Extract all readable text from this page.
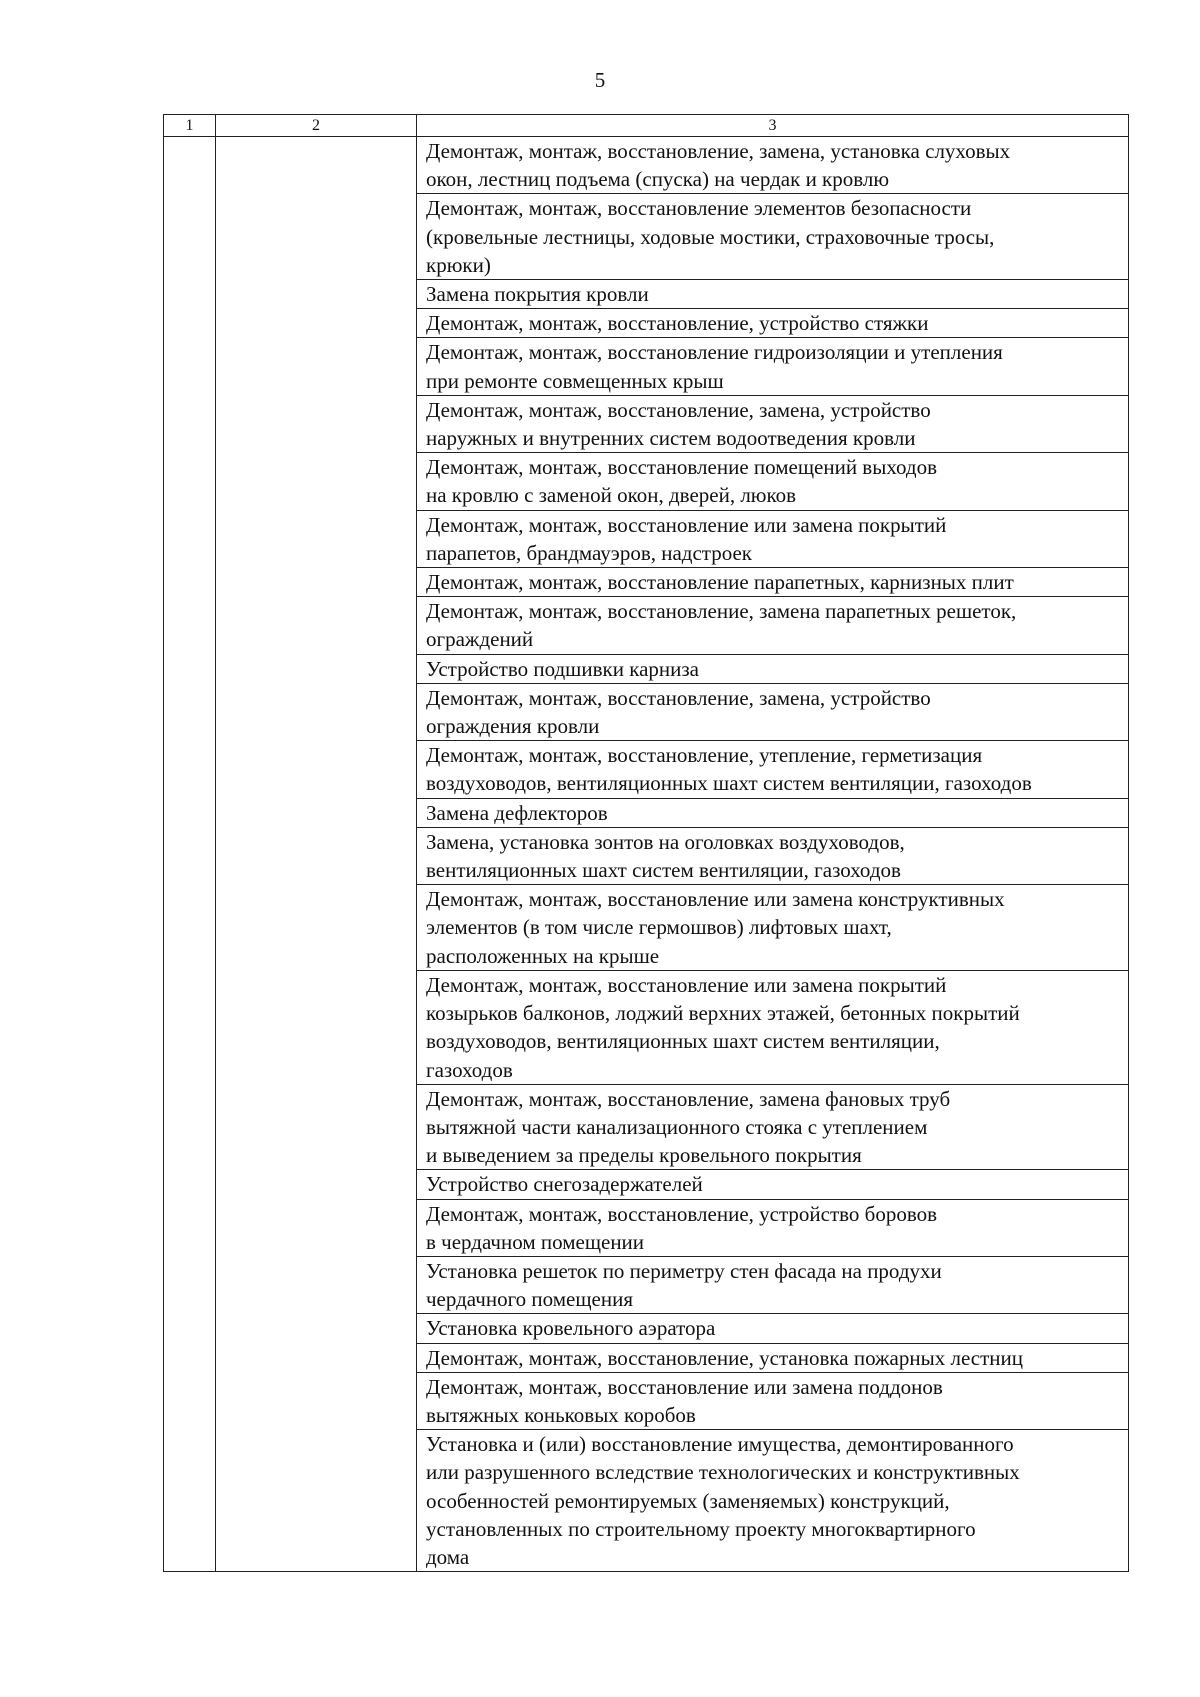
5
1	2	3

		Демонтаж, монтаж, восстановление, замена, установка слуховых
окон, лестниц подъема (спуска) на чердак и кровлю

		Демонтаж, монтаж, восстановление элементов безопасности
(кровельные лестницы, ходовые мостики, страховочные тросы,
крюки)

		Замена покрытия кровли

		Демонтаж, монтаж, восстановление, устройство стяжки

		Демонтаж, монтаж, восстановление гидроизоляции и утепления
при ремонте совмещенных крыш

		Демонтаж, монтаж, восстановление, замена, устройство
наружных и внутренних систем водоотведения кровли

		Демонтаж, монтаж, восстановление помещений выходов
на кровлю с заменой окон, дверей, люков

		Демонтаж, монтаж, восстановление или замена покрытий
парапетов, брандмауэров, надстроек

		Демонтаж, монтаж, восстановление парапетных, карнизных плит

		Демонтаж, монтаж, восстановление, замена парапетных решеток,
ограждений

		Устройство подшивки карниза

		Демонтаж, монтаж, восстановление, замена, устройство
ограждения кровли

		Демонтаж, монтаж, восстановление, утепление, герметизация
воздуховодов, вентиляционных шахт систем вентиляции, газоходов

		Замена дефлекторов

		Замена, установка зонтов на оголовках воздуховодов,
вентиляционных шахт систем вентиляции, газоходов

		Демонтаж, монтаж, восстановление или замена конструктивных
элементов (в том числе гермошвов) лифтовых шахт,
расположенных на крыше

		Демонтаж, монтаж, восстановление или замена покрытий
козырьков балконов, лоджий верхних этажей, бетонных покрытий
воздуховодов, вентиляционных шахт систем вентиляции,
газоходов

		Демонтаж, монтаж, восстановление, замена фановых труб
вытяжной части канализационного стояка с утеплением
и выведением за пределы кровельного покрытия

		Устройство снегозадержателей

		Демонтаж, монтаж, восстановление, устройство боровов
в чердачном помещении

		Установка решеток по периметру стен фасада на продухи
чердачного помещения

		Установка кровельного аэратора

		Демонтаж, монтаж, восстановление, установка пожарных лестниц

		Демонтаж, монтаж, восстановление или замена поддонов
вытяжных коньковых коробов

		Установка и (или) восстановление имущества, демонтированного
или разрушенного вследствие технологических и конструктивных
особенностей ремонтируемых (заменяемых) конструкций,
установленных по строительному проекту многоквартирного
дома
